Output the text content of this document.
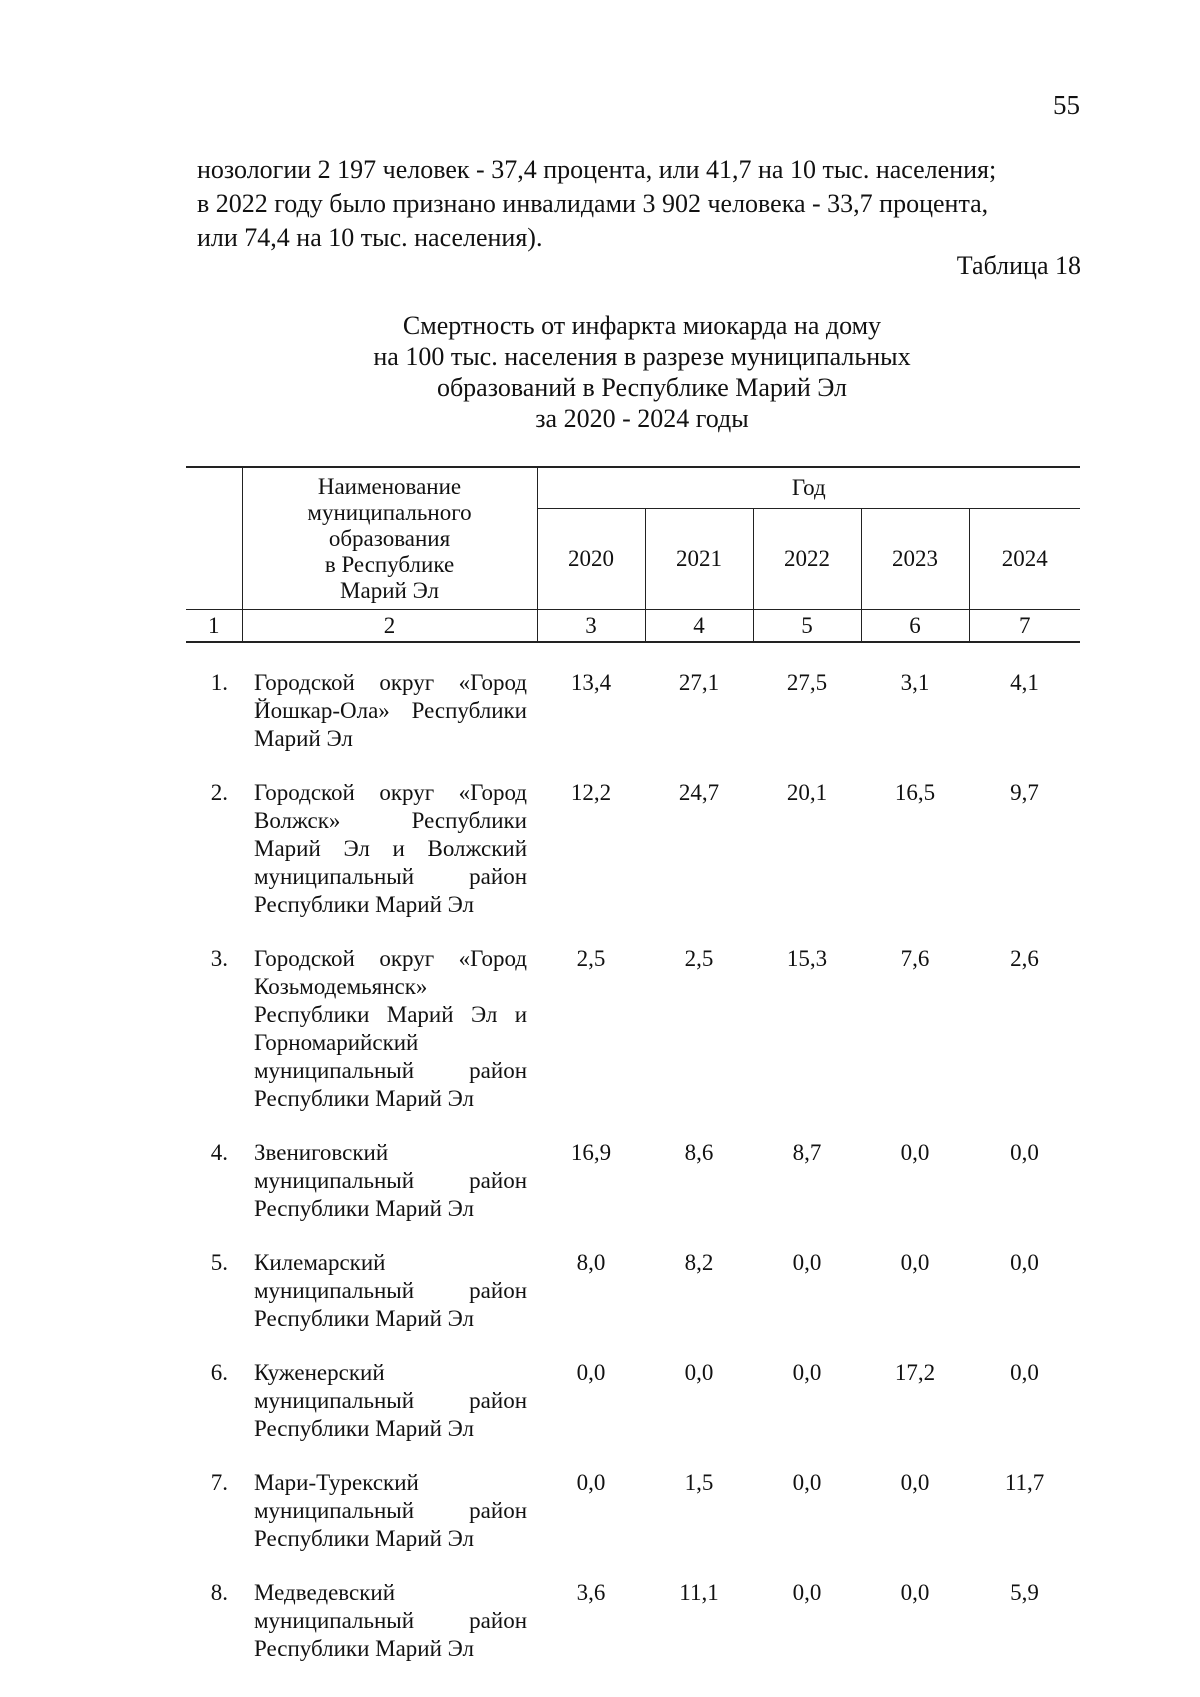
55

нозологии 2 197 человек - 37,4 процента, или 41,7 на 10 тыс. населения;

в 2022 году было признано инвалидами 3 902 человека - 33,7 процента,

или 74,4 на 10 тыс. населения).

Таблица 18
Смертность от инфаркта миокарда на дому
на 100 тыс. населения в разрезе муниципальных
образований в Республике Марий Эл
за 2020 - 2024 годы

	Наименование
муниципального
образования
в Республике
Марий Эл	Год				
		2020	2021	2022	2023	2024
1	2	3	4	5	6	7

1.	Городской округ «Город Йошкар-Ола» Республики Марий Эл	13,4	27,1	27,5	3,1	4,1

2.	Городской округ «Город Волжск» Республики Марий Эл и Волжский муниципальный район Республики Марий Эл	12,2	24,7	20,1	16,5	9,7

3.	Городской округ «Город Козьмодемьянск» Республики Марий Эл и Горномарийский муниципальный район Республики Марий Эл	2,5	2,5	15,3	7,6	2,6

4.	Звениговский муниципальный район Республики Марий Эл	16,9	8,6	8,7	0,0	0,0

5.	Килемарский муниципальный район Республики Марий Эл	8,0	8,2	0,0	0,0	0,0

6.	Куженерский муниципальный район Республики Марий Эл	0,0	0,0	0,0	17,2	0,0

7.	Мари-Турекский муниципальный район Республики Марий Эл	0,0	1,5	0,0	0,0	11,7

8.	Медведевский муниципальный район Республики Марий Эл	3,6	11,1	0,0	0,0	5,9
